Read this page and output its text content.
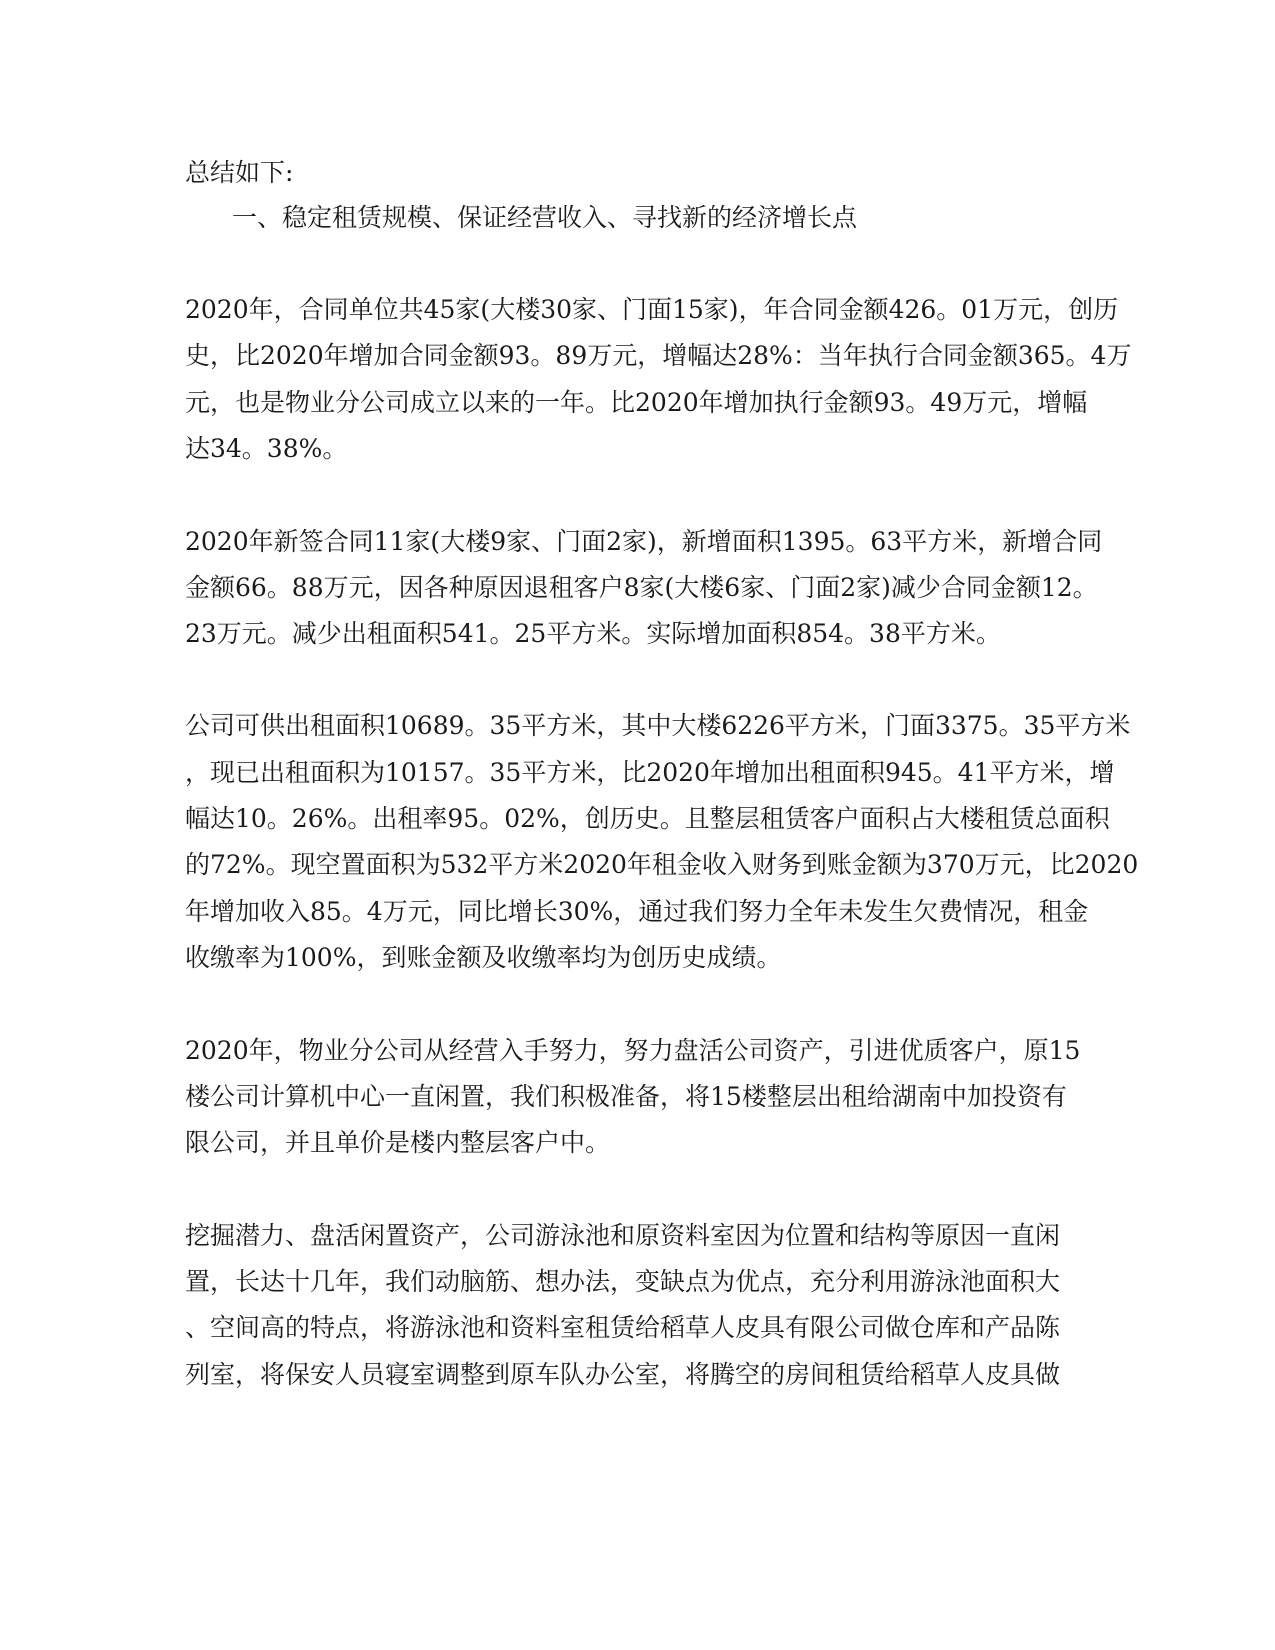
总结如下:

一、稳定租赁规模、保证经营收入、寻找新的经济增长点

2020年，合同单位共45家(大楼30家、门面15家)，年合同金额426。01万元，创历

史，比2020年增加合同金额93。89万元，增幅达28%：当年执行合同金额365。4万

元，也是物业分公司成立以来的一年。比2020年增加执行金额93。49万元，增幅

达34。38%。

2020年新签合同11家(大楼9家、门面2家)，新增面积1395。63平方米，新增合同

金额66。88万元，因各种原因退租客户8家(大楼6家、门面2家)减少合同金额12。

23万元。减少出租面积541。25平方米。实际增加面积854。38平方米。

公司可供出租面积10689。35平方米，其中大楼6226平方米，门面3375。35平方米

，现已出租面积为10157。35平方米，比2020年增加出租面积945。41平方米，增

幅达10。26%。出租率95。02%，创历史。且整层租赁客户面积占大楼租赁总面积

的72%。现空置面积为532平方米2020年租金收入财务到账金额为370万元，比2020

年增加收入85。4万元，同比增长30%，通过我们努力全年未发生欠费情况，租金

收缴率为100%，到账金额及收缴率均为创历史成绩。

2020年，物业分公司从经营入手努力，努力盘活公司资产，引进优质客户，原15

楼公司计算机中心一直闲置，我们积极准备，将15楼整层出租给湖南中加投资有

限公司，并且单价是楼内整层客户中。

挖掘潜力、盘活闲置资产，公司游泳池和原资料室因为位置和结构等原因一直闲

置，长达十几年，我们动脑筋、想办法，变缺点为优点，充分利用游泳池面积大

、空间高的特点，将游泳池和资料室租赁给稻草人皮具有限公司做仓库和产品陈

列室，将保安人员寝室调整到原车队办公室，将腾空的房间租赁给稻草人皮具做
